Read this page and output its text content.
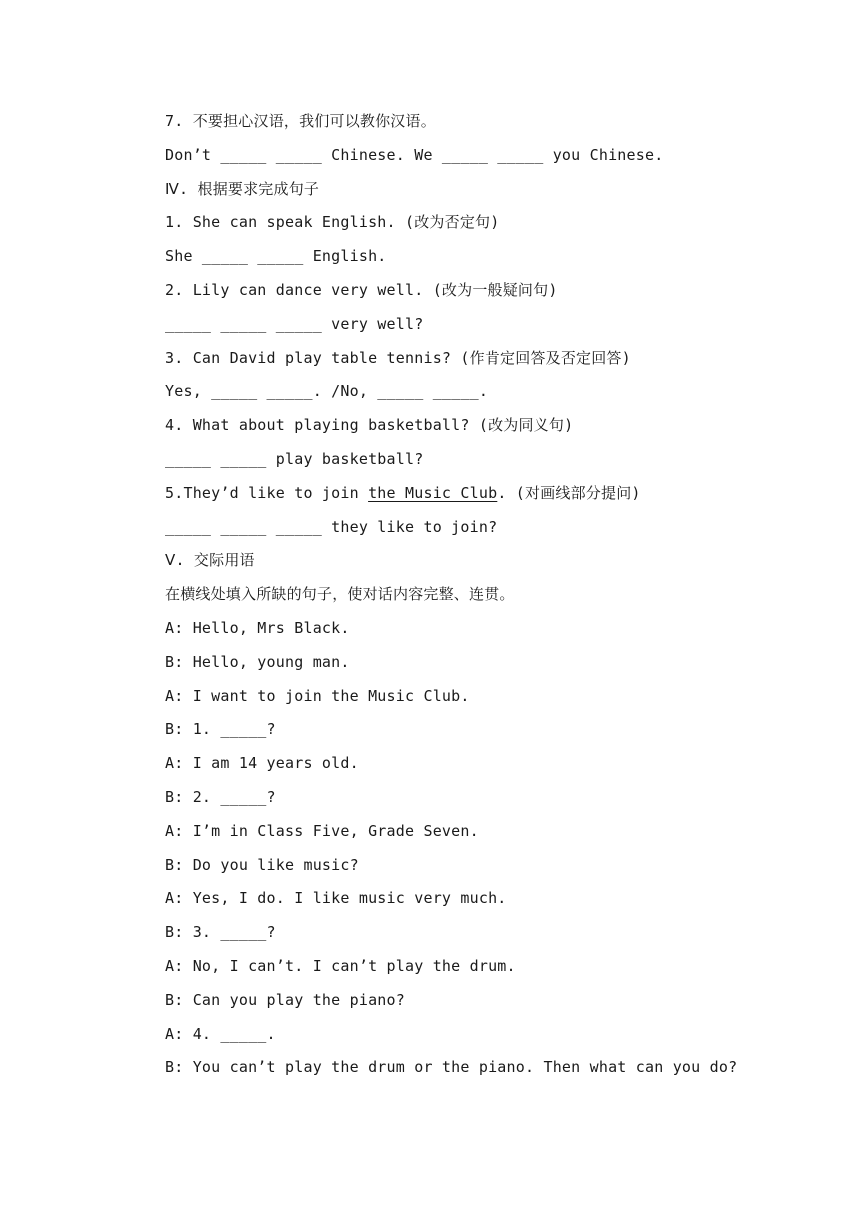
7. 不要担心汉语，我们可以教你汉语。
Don’t _____ _____ Chinese. We _____ _____ you Chinese.
Ⅳ. 根据要求完成句子
1. She can speak English. (改为否定句)
She _____ _____ English.
2. Lily can dance very well. (改为一般疑问句)
_____ _____ _____ very well?
3. Can David play table tennis? (作肯定回答及否定回答)
Yes, _____ _____. /No, _____ _____.
4. What about playing basketball? (改为同义句)
_____ _____ play basketball?
5.They’d like to join the Music Club. (对画线部分提问)
_____ _____ _____ they like to join?
Ⅴ. 交际用语
在横线处填入所缺的句子，使对话内容完整、连贯。
A: Hello, Mrs Black.
B: Hello, young man.
A: I want to join the Music Club.
B: 1. _____?
A: I am 14 years old.
B: 2. _____?
A: I’m in Class Five, Grade Seven.
B: Do you like music?
A: Yes, I do. I like music very much.
B: 3. _____?
A: No, I can’t. I can’t play the drum.
B: Can you play the piano?
A: 4. _____.
B: You can’t play the drum or the piano. Then what can you do?
